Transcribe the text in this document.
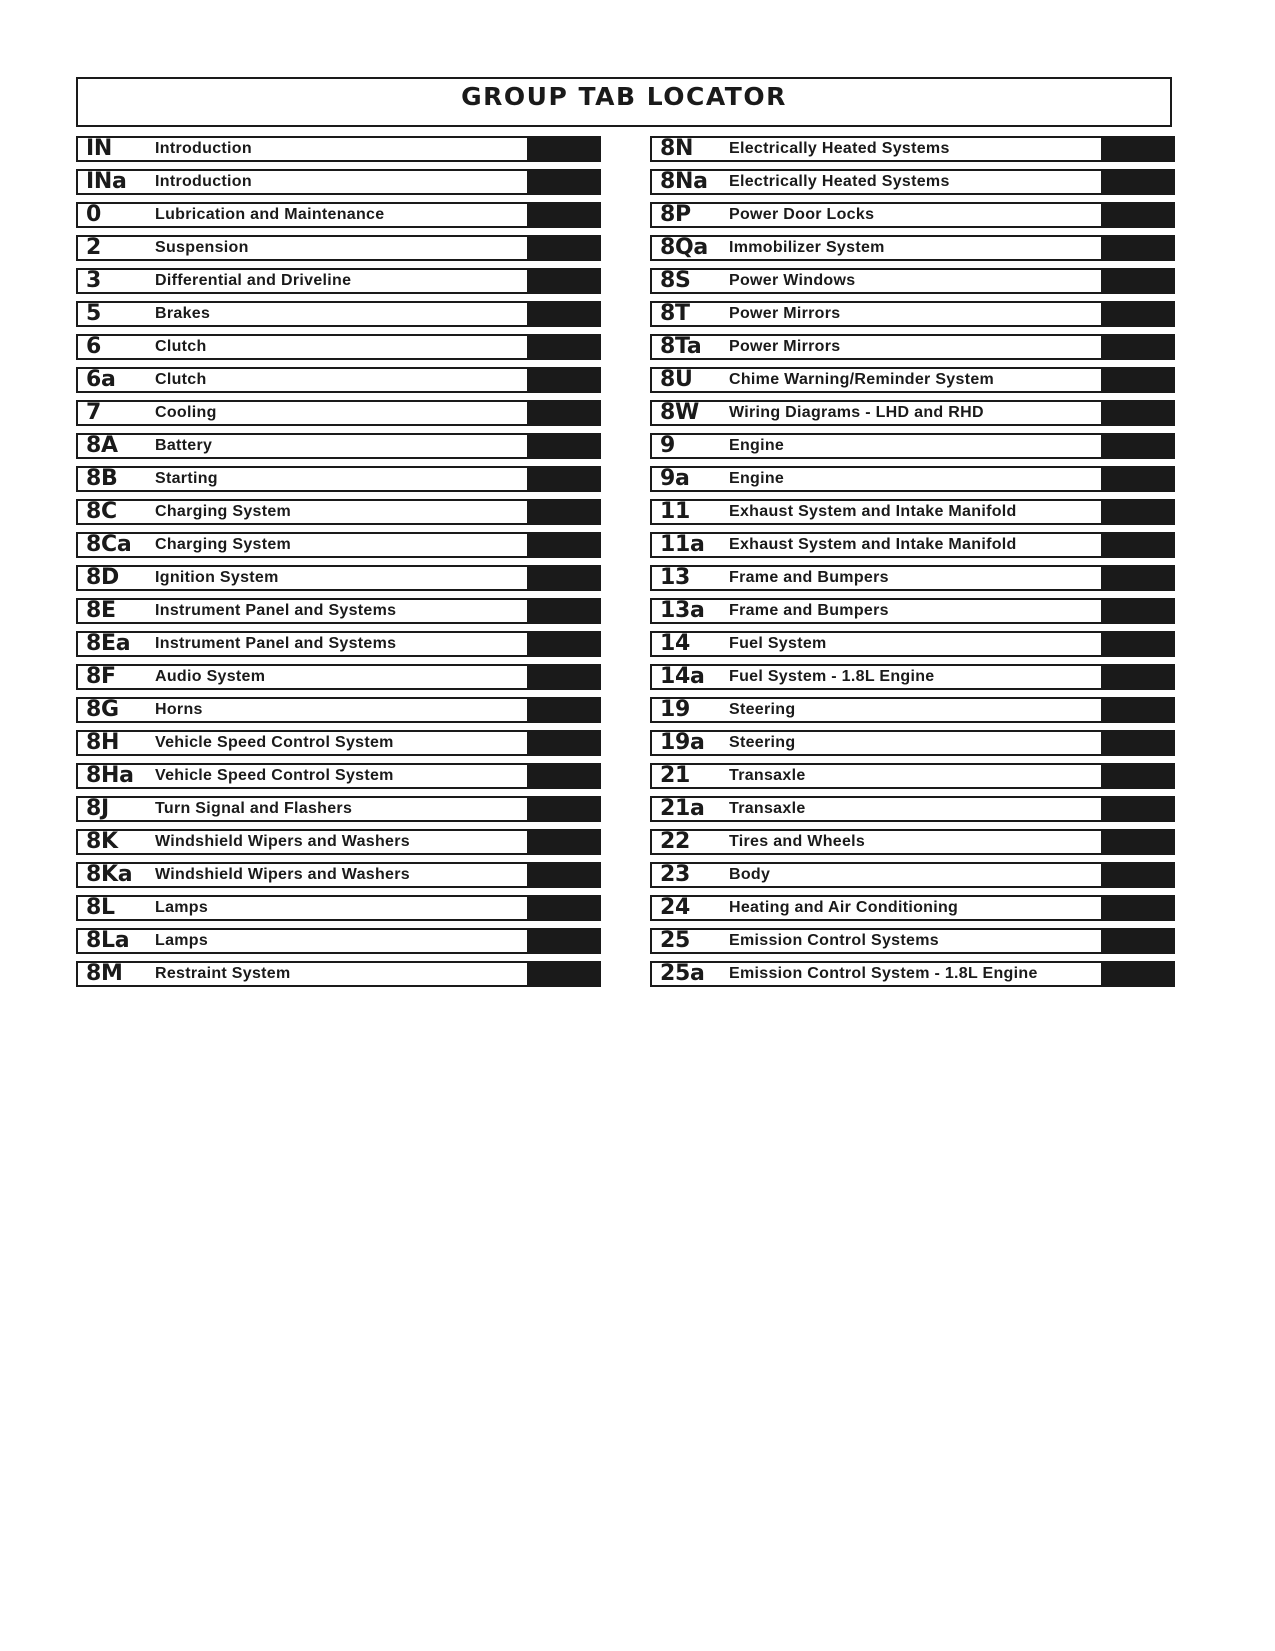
GROUP TAB LOCATOR
IN	Introduction
INa Introduction
0	Lubrication and Maintenance
2	Suspension
3	Differential and Driveline
5	Brakes
6	Clutch
6a Clutch
7	Cooling
8A Battery
8B Starting
8C Charging System
8Ca Charging System
8D Ignition System
8E Instrument Panel and Systems
8Ea Instrument Panel and Systems
8F Audio System
8G Horns
8H Vehicle Speed Control System
8Ha Vehicle Speed Control System
8J	Turn Signal and Flashers
8K Windshield Wipers and Washers
8Ka Windshield Wipers and Washers
8L	Lamps
8La Lamps
8M Restraint System
8N Electrically Heated Systems
8Na Electrically Heated Systems
8P Power Door Locks
8Qa Immobilizer System
8S Power Windows
8T Power Mirrors
8Ta Power Mirrors
8U Chime Warning/Reminder System
8W Wiring Diagrams - LHD and RHD
9	Engine
9a Engine
11 Exhaust System and Intake Manifold
11a Exhaust System and Intake Manifold
13 Frame and Bumpers
13a Frame and Bumpers
14 Fuel System
14a Fuel System - 1.8L Engine
19 Steering
19a Steering
21 Transaxle
21a Transaxle
22 Tires and Wheels
23 Body
24 Heating and Air Conditioning
25 Emission Control Systems
25a Emission Control System - 1.8L Engine
